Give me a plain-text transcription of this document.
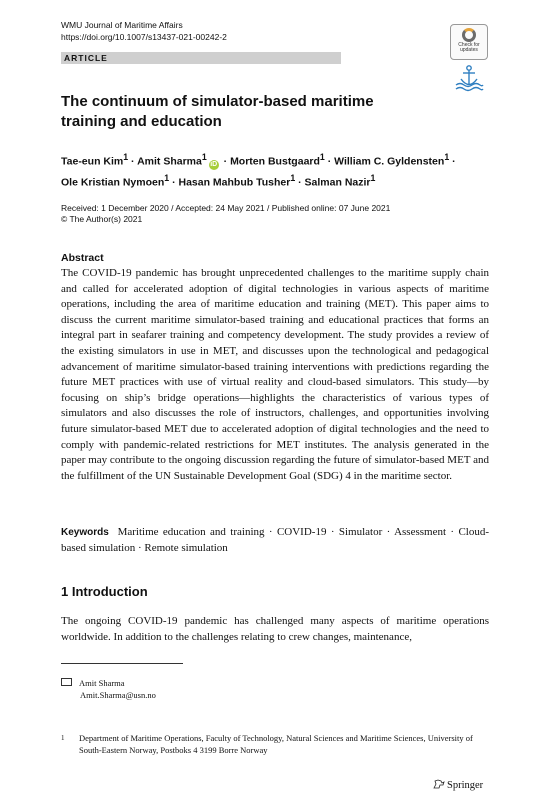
WMU Journal of Maritime Affairs
https://doi.org/10.1007/s13437-021-00242-2
ARTICLE
Check for updates
The continuum of simulator-based maritime
training and education
Tae-eun Kim$^1$ · Amit Sharma$^1$iD · Morten Bustgaard$^1$ · William C. Gyldensten$^1$ ·
Ole Kristian Nymoen$^1$ · Hasan Mahbub Tusher$^1$ · Salman Nazir$^1$
Received: 1 December 2020 / Accepted: 24 May 2021 / Published online: 07 June 2021
© The Author(s) 2021
Abstract
The COVID-19 pandemic has brought unprecedented challenges to the maritime supply chain and called for accelerated adoption of digital technologies in various aspects of maritime operations, including the area of maritime education and training (MET). This paper aims to discuss the current maritime simulator-based training and educational practices that forms an integral part in seafarer training and competency development. The study provides a review of the existing simulators in use in MET, and discusses upon the technological and pedagogical advancement of maritime simulator-based training interventions with predictions regarding the future MET practices with use of virtual reality and cloud-based simulators. This study—by focusing on ship’s bridge operations—highlights the characteristics of various types of simulators and also discusses the role of instructors, challenges, and opportunities involving future simulator-based MET due to accelerated adoption of digital technologies and the need to comply with pandemic-related restrictions for MET institutes. The analysis generated in the paper may contribute to the ongoing discussion regarding the future of simulator-based MET and the fulfillment of the UN Sustainable Development Goal (SDG) 4 in the maritime sector.
Keywords Maritime education and training · COVID-19 · Simulator · Assessment · Cloud-based simulation · Remote simulation
1 Introduction
The ongoing COVID-19 pandemic has challenged many aspects of maritime operations worldwide. In addition to the challenges relating to crew changes, maintenance,
Amit Sharma
Amit.Sharma@usn.no
1 Department of Maritime Operations, Faculty of Technology, Natural Sciences and Maritime Sciences, University of South-Eastern Norway, Postboks 4 3199 Borre Norway
Springer
